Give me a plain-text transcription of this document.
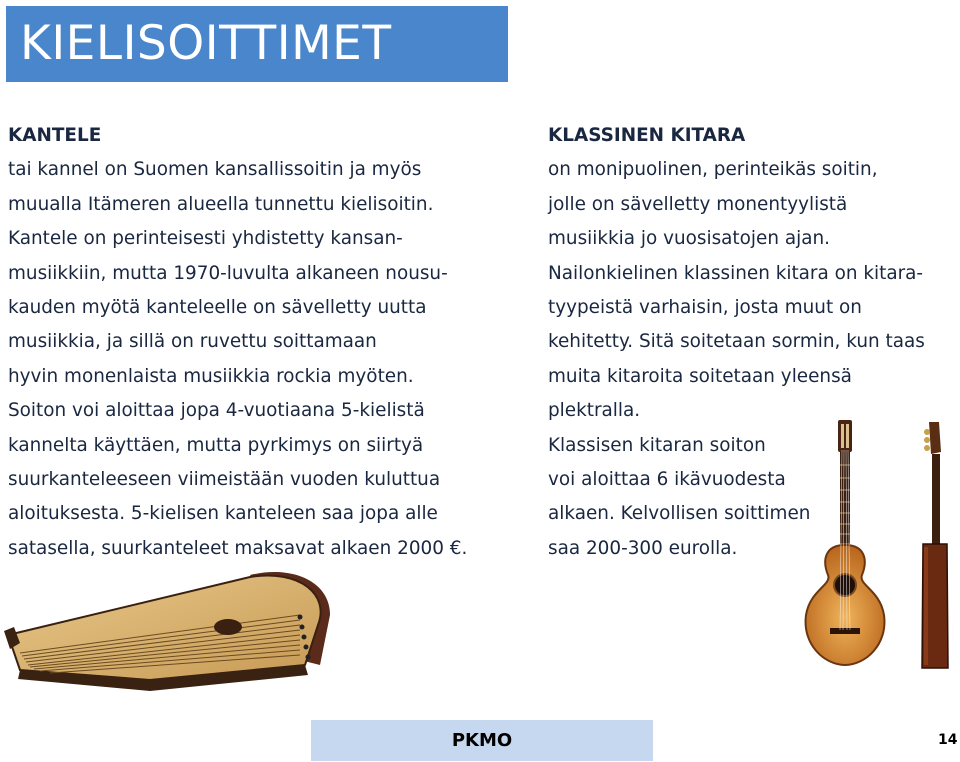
KIELISOITTIMET
KANTELE
tai kannel on Suomen kansallissoitin ja myös
muualla Itämeren alueella tunnettu kielisoitin.
Kantele on perinteisesti yhdistetty kansan-
musiikkiin, mutta 1970-luvulta alkaneen nousu-
kauden myötä kanteleelle on sävelletty uutta
musiikkia, ja sillä on ruvettu soittamaan
hyvin monenlaista musiikkia rockia myöten.
Soiton voi aloittaa jopa 4-vuotiaana 5-kielistä
kannelta käyttäen, mutta pyrkimys on siirtyä
suurkanteleeseen viimeistään vuoden kuluttua
aloituksesta. 5-kielisen kanteleen saa jopa alle
satasella, suurkanteleet maksavat alkaen 2000 €.
KLASSINEN KITARA
on monipuolinen, perinteikäs soitin,
jolle on sävelletty monentyylistä
musiikkia jo vuosisatojen ajan.
Nailonkielinen klassinen kitara on kitara-
tyypeistä varhaisin, josta muut on
kehitetty. Sitä soitetaan sormin, kun taas
muita kitaroita soitetaan yleensä
plektralla.
Klassisen kitaran soiton
voi aloittaa 6 ikävuodesta
alkaen. Kelvollisen soittimen
saa 200-300 eurolla.
PKMO	14
